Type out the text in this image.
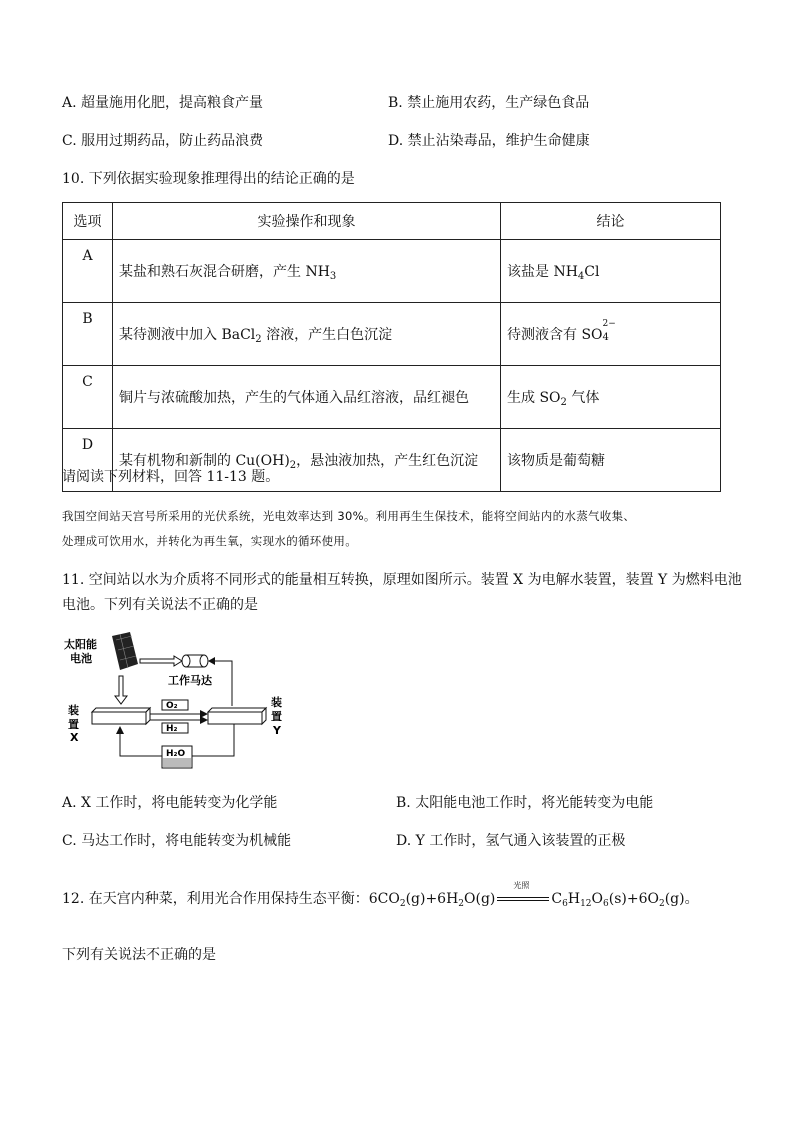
A. 超量施用化肥，提高粮食产量	B. 禁止施用农药，生产绿色食品
C. 服用过期药品，防止药品浪费	D. 禁止沾染毒品，维护生命健康
10. 下列依据实验现象推理得出的结论正确的是
选项	实验操作和现象	结论
A	某盐和熟石灰混合研磨，产生 $NH_3$	该盐是 $NH_4Cl$
B	某待测液中加入 BaCl$_2$ 溶液，产生白色沉淀	待测液含有 SO
2−
4

C	铜片与浓硫酸加热，产生的气体通入品红溶液，品红褪色	生成 $SO_2$ 气体
D	某有机物和新制的 $Cu(OH)_2$，悬浊液加热，产生红色沉淀	该物质是葡萄糖
请阅读下列材料，回答 11-13 题。
我国空间站天宫号所采用的光伏系统，光电效率达到 30%。利用再生生保技术，能将空间站内的水蒸气收集、
处理成可饮用水，并转化为再生氧，实现水的循环使用。
11. 空间站以水为介质将不同形式的能量相互转换，原理如图所示。装置 X 为电解水装置，装置 Y 为燃料电池
电池。下列有关说法不正确的是
太阳能
电池
工作马达
装
置
X
装
置
Y
O₂
H₂
H₂O
A. X 工作时，将电能转变为化学能	B. 太阳能电池工作时，将光能转变为电能
C. 马达工作时，将电能转变为机械能	D. Y 工作时，氢气通入该装置的正极
12. 在天宫内种菜，利用光合作用保持生态平衡：$6CO_2(g)+6H_2O(g)$
光照
$C_6H_{12}O_6(s)+6O_2(g)$。
下列有关说法不正确的是
